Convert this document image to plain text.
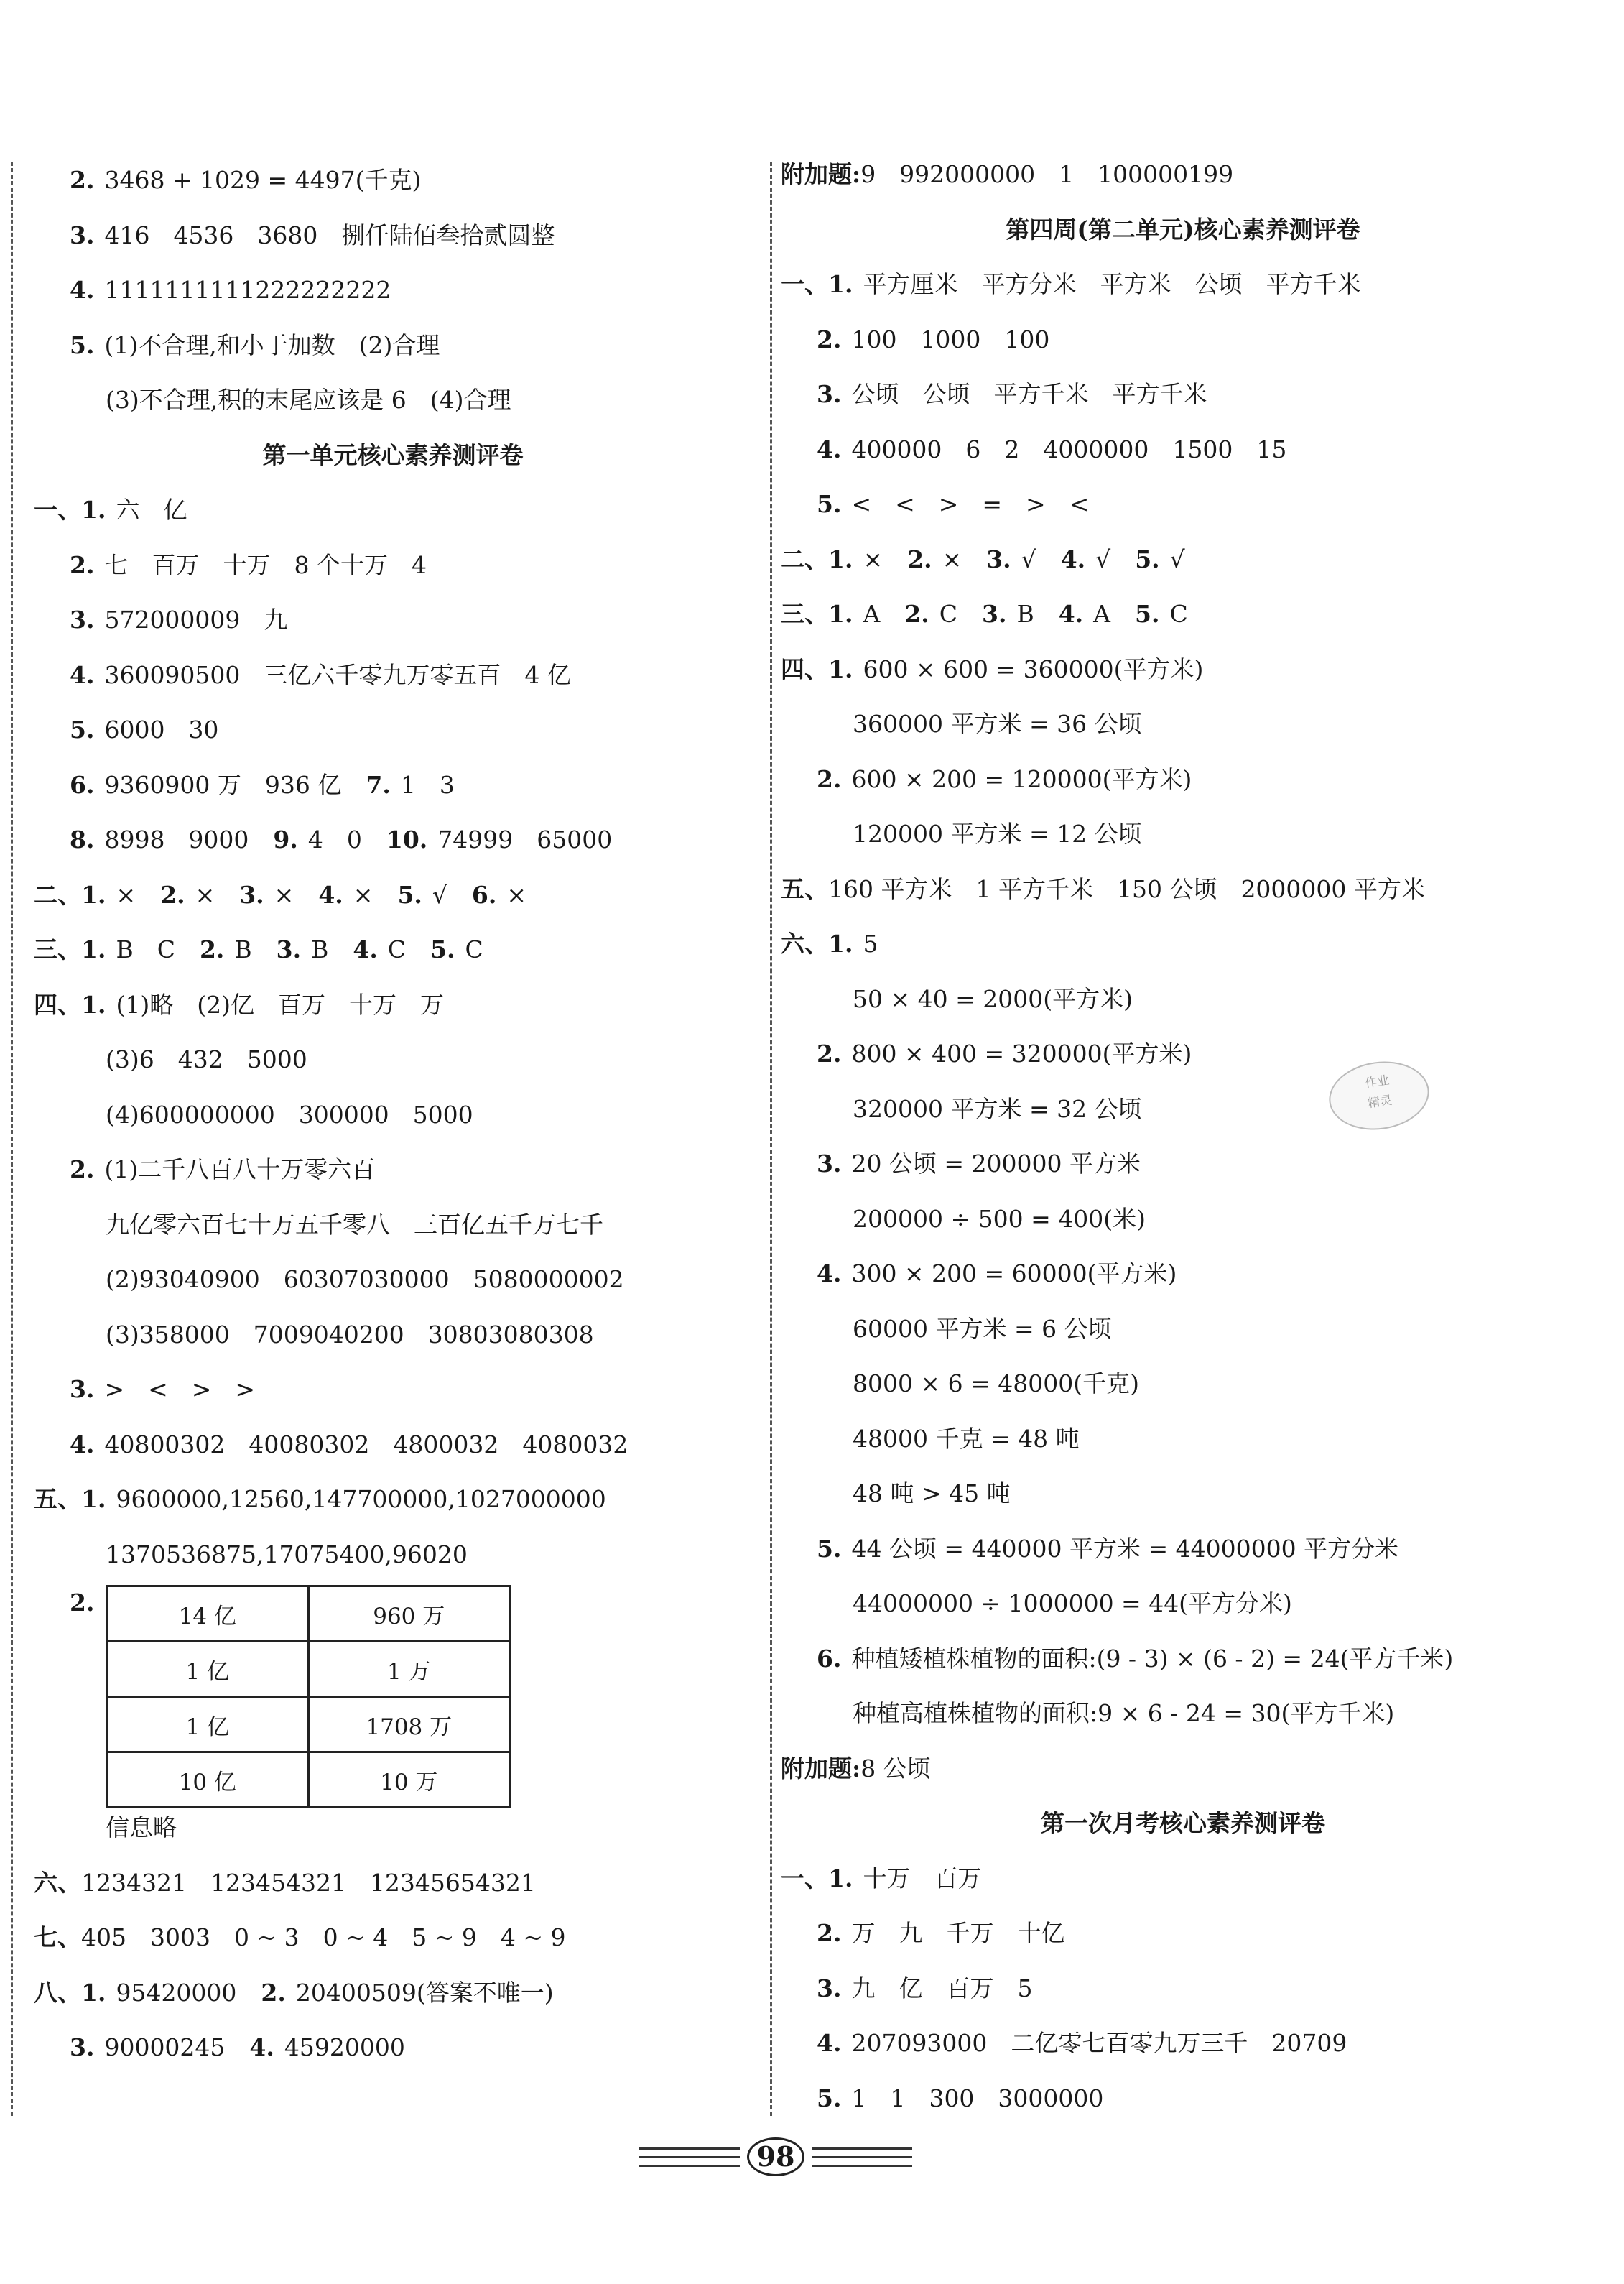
2. 3468 + 1029 = 4497(千克)
3. 416　4536　3680　捌仟陆佰叁拾贰圆整
4. 1111111111222222222
5. (1)不合理,和小于加数　(2)合理
(3)不合理,积的末尾应该是 6　(4)合理
第一单元核心素养测评卷
一、1. 六　亿
2. 七　百万　十万　8 个十万　4
3. 572000009　九
4. 360090500　三亿六千零九万零五百　4 亿
5. 6000　30
6. 9360900 万　936 亿 7. 1　3
8. 8998　9000 9. 4　0 10. 74999　65000
二、1. × 2. × 3. × 4. × 5. √ 6. ×
三、1. B　C 2. B 3. B 4. C 5. C
四、1. (1)略　(2)亿　百万　十万　万
(3)6　432　5000
(4)600000000　300000　5000
2. (1)二千八百八十万零六百
九亿零六百七十万五千零八　三百亿五千万七千
(2)93040900　60307030000　5080000002
(3)358000　7009040200　30803080308
3. >　<　>　>
4. 40800302　40080302　4800032　4080032
五、1. 9600000,12560,147700000,1027000000
1370536875,17075400,96020
2.	14 亿	960 万
1 亿	1 万
1 亿	1708 万
10 亿	10 万
信息略
六、1234321　123454321　12345654321
七、405　3003　0 ~ 3　0 ~ 4　5 ~ 9　4 ~ 9
八、1. 95420000 2. 20400509(答案不唯一)
3. 90000245 4. 45920000
附加题:9　992000000　1　100000199
第四周(第二单元)核心素养测评卷
一、1. 平方厘米　平方分米　平方米　公顷　平方千米
2. 100　1000　100
3. 公顷　公顷　平方千米　平方千米
4. 400000　6　2　4000000　1500　15
5. <　<　>　=　>　<
二、1. × 2. × 3. √ 4. √ 5. √
三、1. A 2. C 3. B 4. A 5. C
四、1. 600 × 600 = 360000(平方米)
360000 平方米 = 36 公顷
2. 600 × 200 = 120000(平方米)
120000 平方米 = 12 公顷
五、160 平方米　1 平方千米　150 公顷　2000000 平方米
六、1. 5
50 × 40 = 2000(平方米)
2. 800 × 400 = 320000(平方米)
320000 平方米 = 32 公顷
3. 20 公顷 = 200000 平方米
200000 ÷ 500 = 400(米)
4. 300 × 200 = 60000(平方米)
60000 平方米 = 6 公顷
8000 × 6 = 48000(千克)
48000 千克 = 48 吨
48 吨 > 45 吨
5. 44 公顷 = 440000 平方米 = 44000000 平方分米
44000000 ÷ 1000000 = 44(平方分米)
6. 种植矮植株植物的面积:(9 - 3) × (6 - 2) = 24(平方千米)
种植高植株植物的面积:9 × 6 - 24 = 30(平方千米)
附加题:8 公顷
第一次月考核心素养测评卷
一、1. 十万　百万
2. 万　九　千万　十亿
3. 九　亿　百万　5
4. 207093000　二亿零七百零九万三千　20709
5. 1　1　300　3000000
作业
精灵
98
